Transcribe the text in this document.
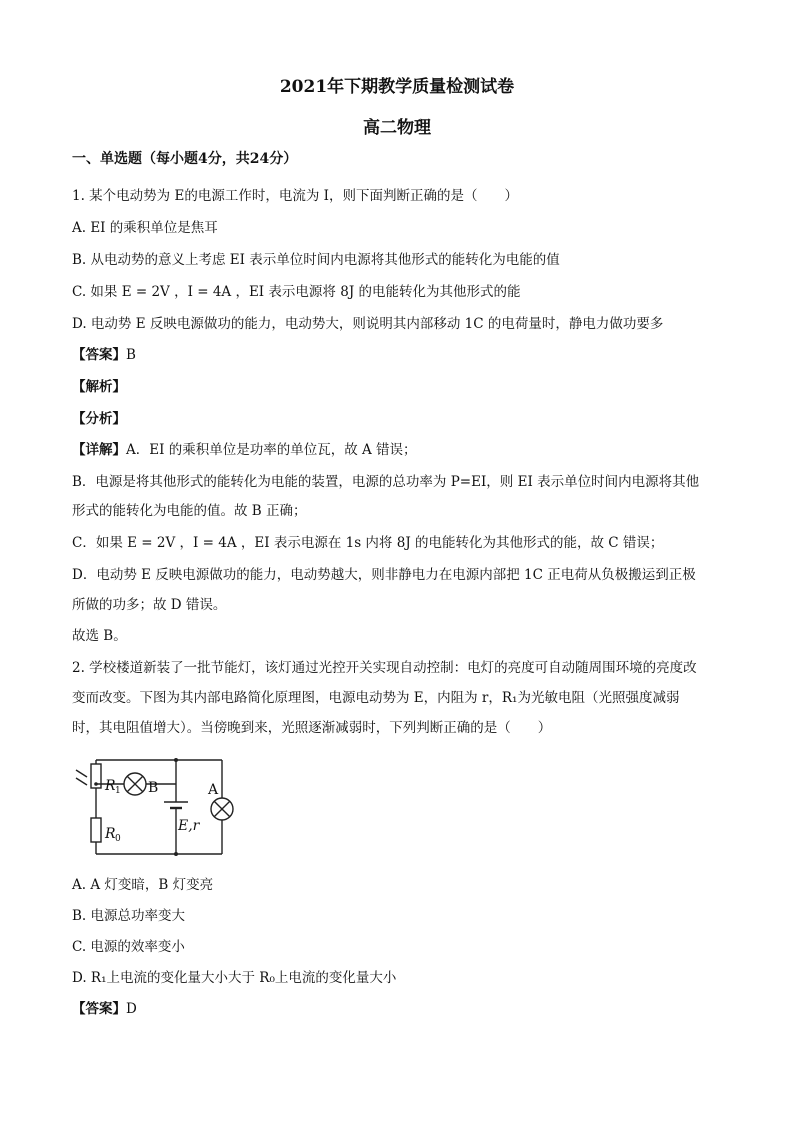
2021年下期教学质量检测试卷
高二物理
一、单选题（每小题4分，共24分）
1. 某个电动势为 E的电源工作时，电流为 I，则下面判断正确的是（　　）
A. EI 的乘积单位是焦耳
B. 从电动势的意义上考虑 EI 表示单位时间内电源将其他形式的能转化为电能的值
C. 如果 E = 2V ，I = 4A ，EI 表示电源将 8J 的电能转化为其他形式的能
D. 电动势 E 反映电源做功的能力，电动势大，则说明其内部移动 1C 的电荷量时，静电力做功要多
【答案】B
【解析】
【分析】
【详解】A．EI 的乘积单位是功率的单位瓦，故 A 错误；
B．电源是将其他形式的能转化为电能的装置，电源的总功率为 P=EI，则 EI 表示单位时间内电源将其他
形式的能转化为电能的值。故 B 正确；
C．如果 E = 2V ，I = 4A ，EI 表示电源在 1s 内将 8J 的电能转化为其他形式的能，故 C 错误；
D．电动势 E 反映电源做功的能力，电动势越大，则非静电力在电源内部把 1C 正电荷从负极搬运到正极
所做的功多；故 D 错误。
故选 B。
2. 学校楼道新装了一批节能灯，该灯通过光控开关实现自动控制：电灯的亮度可自动随周围环境的亮度改
变而改变。下图为其内部电路简化原理图，电源电动势为 E，内阻为 r，R₁为光敏电阻（光照强度减弱
时，其电阻值增大）。当傍晚到来，光照逐渐减弱时，下列判断正确的是（　　）
R
R	E,r
1
0
B	A
A. A 灯变暗，B 灯变亮
B. 电源总功率变大
C. 电源的效率变小
D. R₁上电流的变化量大小大于 R₀上电流的变化量大小
【答案】D
